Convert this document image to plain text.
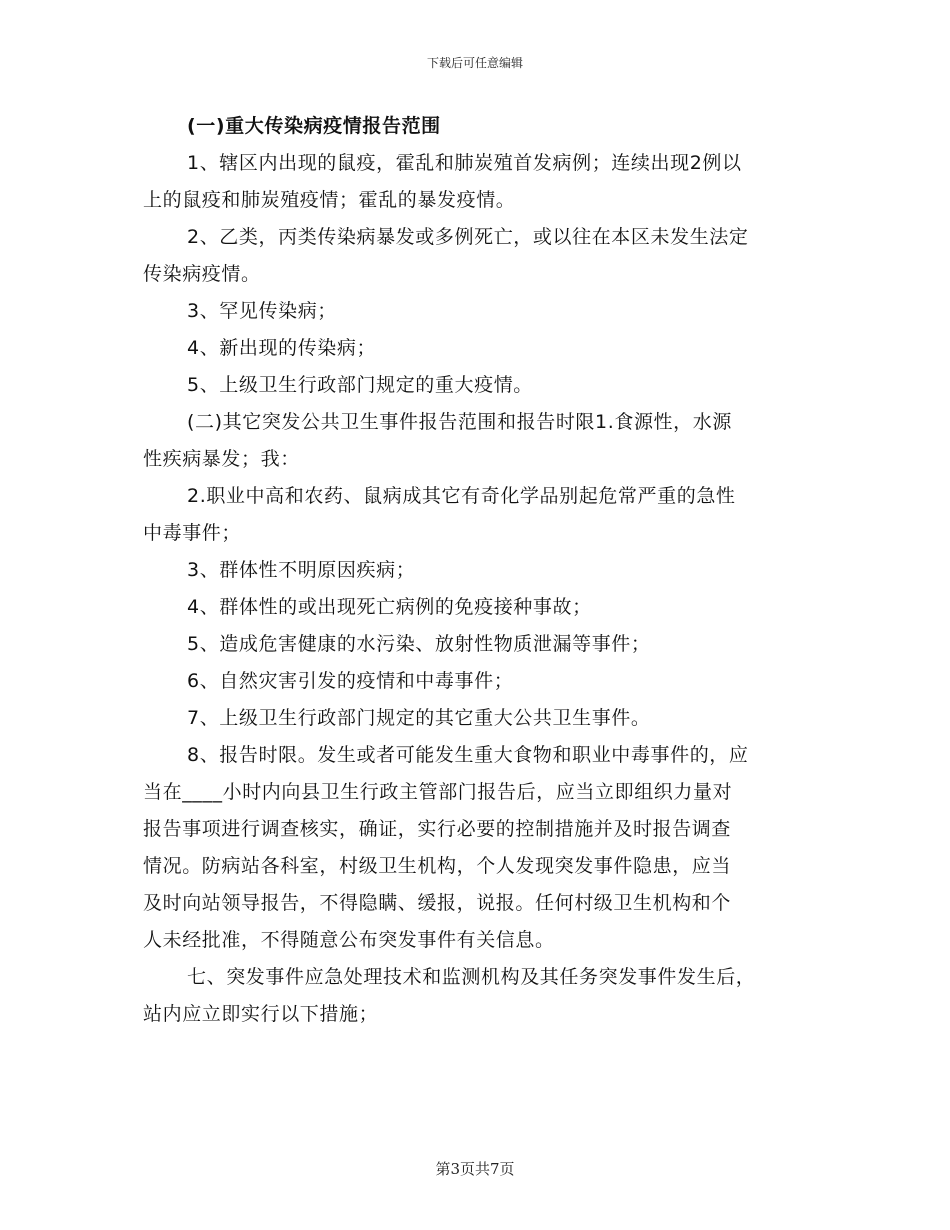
下载后可任意编辑
(一)重大传染病疫情报告范围
1、辖区内出现的鼠疫，霍乱和肺炭殖首发病例；连续出现2例以
上的鼠疫和肺炭殖疫情；霍乱的暴发疫情。
2、乙类，丙类传染病暴发或多例死亡，或以往在本区未发生法定
传染病疫情。
3、罕见传染病；
4、新出现的传染病；
5、上级卫生行政部门规定的重大疫情。
(二)其它突发公共卫生事件报告范围和报告时限1.食源性，水源
性疾病暴发；我：
2.职业中高和农药、鼠病成其它有奇化学品别起危常严重的急性
中毒事件；
3、群体性不明原因疾病；
4、群体性的或出现死亡病例的免疫接种事故；
5、造成危害健康的水污染、放射性物质泄漏等事件；
6、自然灾害引发的疫情和中毒事件；
7、上级卫生行政部门规定的其它重大公共卫生事件。
8、报告时限。发生或者可能发生重大食物和职业中毒事件的，应
当在____小时内向县卫生行政主管部门报告后，应当立即组织力量对
报告事项进行调查核实，确证，实行必要的控制措施并及时报告调查
情况。防病站各科室，村级卫生机构，个人发现突发事件隐患，应当
及时向站领导报告，不得隐瞒、缓报，说报。任何村级卫生机构和个
人未经批准，不得随意公布突发事件有关信息。
七、突发事件应急处理技术和监测机构及其任务突发事件发生后，
站内应立即实行以下措施；
第3页共7页
